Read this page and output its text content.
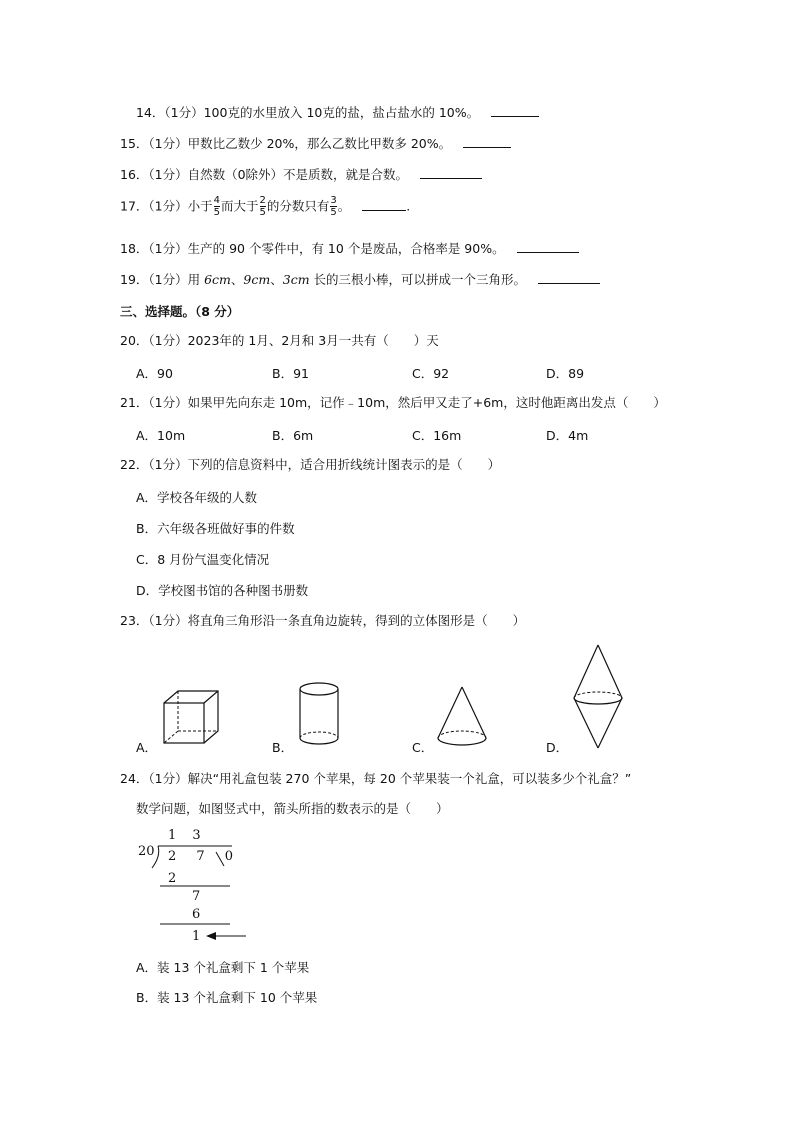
14．（1分）100克的水里放入 10克的盐，盐占盐水的 10%。
15．（1分）甲数比乙数少 20%，那么乙数比甲数多 20%。
16．（1分）自然数（0除外）不是质数，就是合数。
17．（1分）小于 $\frac{4}{5}$ 而大于 $\frac{2}{5}$ 的分数只有 $\frac{3}{5}$ 。	.
18．（1分）生产的 90 个零件中，有 10 个是废品，合格率是 90%。
19．（1分）用 6cm、9cm、3cm 长的三根小棒，可以拼成一个三角形。
三、选择题。（8 分）
20．（1分）2023年的 1月、2月和 3月一共有（　　）天
A．90	B．91	C．92	D．89
21．（1分）如果甲先向东走 10m，记作﹣10m，然后甲又走了+6m，这时他距离出发点（　　）
A．10m	B．6m	C．16m	D．4m
22．（1分）下列的信息资料中，适合用折线统计图表示的是（　　）
A．学校各年级的人数
B．六年级各班做好事的件数
C．8 月份气温变化情况
D．学校图书馆的各种图书册数
23．（1分）将直角三角形沿一条直角边旋转，得到的立体图形是（　　）
A．	B．	C．	D．
24．（1分）解决“用礼盒包装 270 个苹果，每 20 个苹果装一个礼盒，可以装多少个礼盒？”
数学问题，如图竖式中，箭头所指的数表示的是（　　）
1 3
20 2 7 0
2
7
6
1
A．装 13 个礼盒剩下 1 个苹果
B．装 13 个礼盒剩下 10 个苹果
